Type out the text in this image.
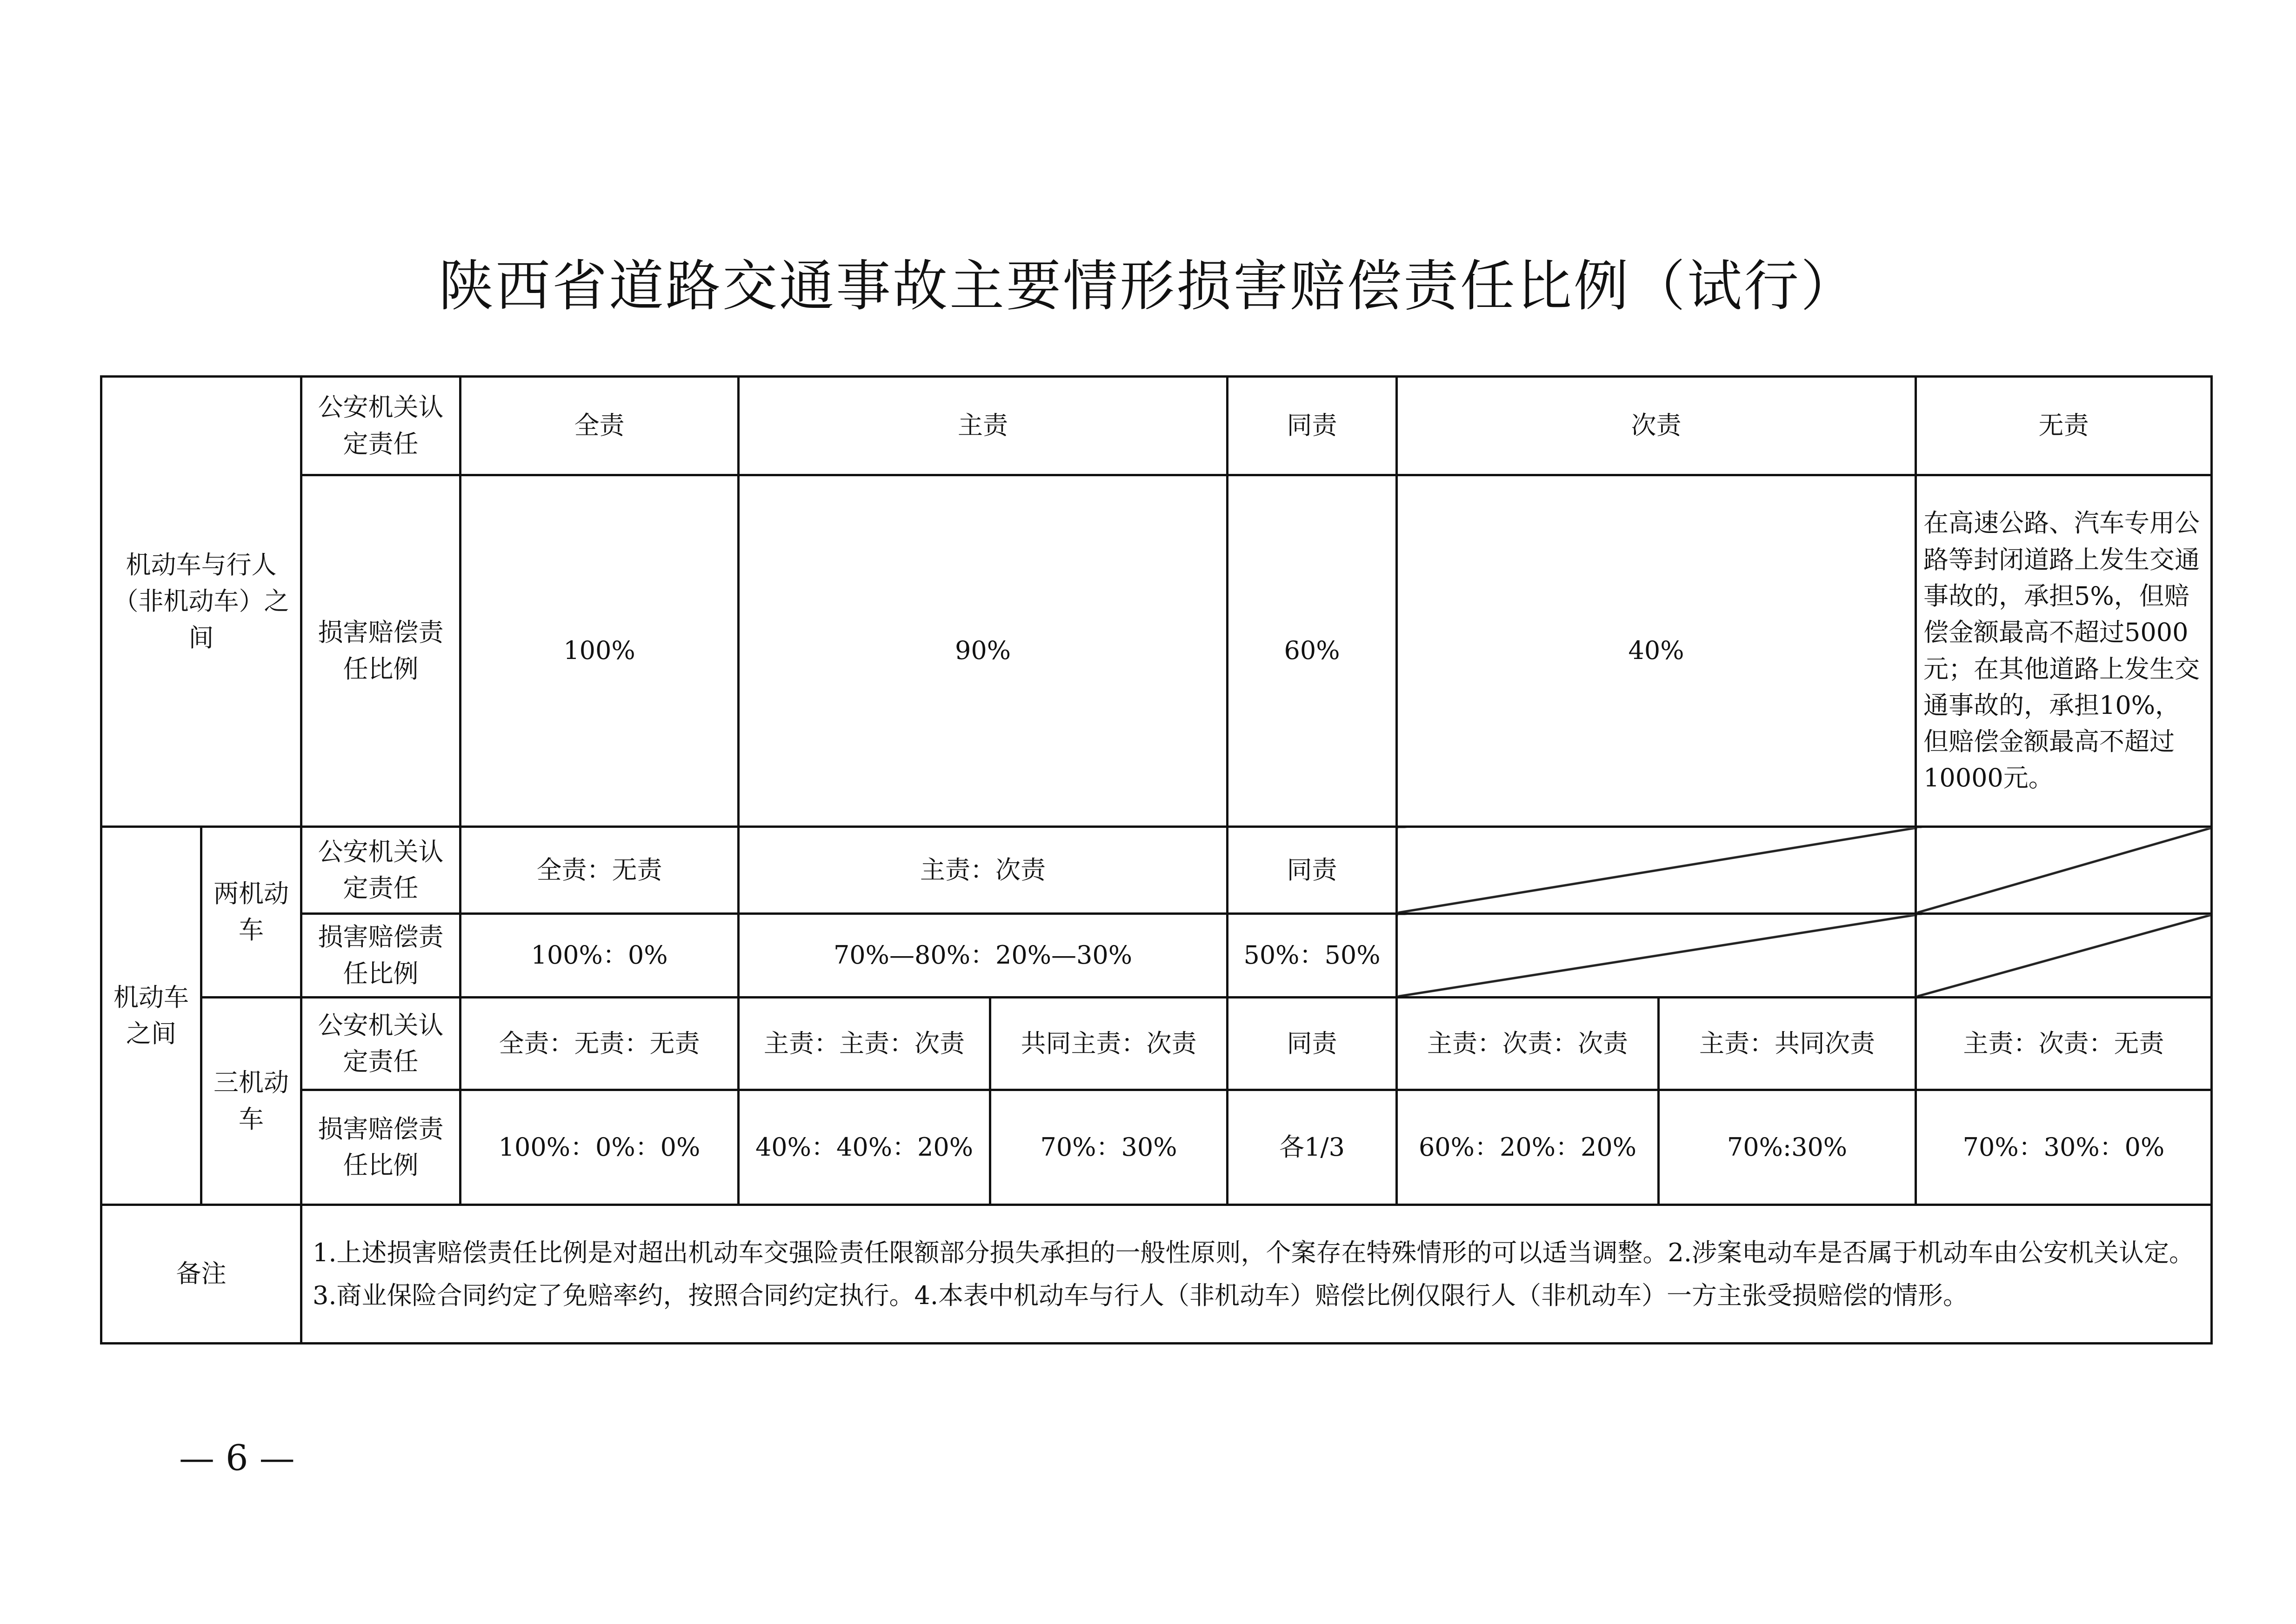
陕西省道路交通事故主要情形损害赔偿责任比例（试行）
机动车与行人（非机动车）之间		公安机关认定责任	全责	主责		同责	次责		无责
		损害赔偿责任比例	100%	90%		60%	40%		在高速公路、汽车专用公路等封闭道路上发生交通事故的，承担5%，但赔偿金额最高不超过5000元；在其他道路上发生交通事故的，承担10%，但赔偿金额最高不超过10000元。
机动车之间	两机动车	公安机关认定责任	全责：无责	主责：次责		同责			
		损害赔偿责任比例	100%：0%	70%—80%：20%—30%		50%：50%			
	三机动车	公安机关认定责任	全责：无责：无责	主责：主责：次责	共同主责：次责	同责	主责：次责：次责	主责：共同次责	主责：次责：无责
		损害赔偿责任比例	100%：0%：0%	40%：40%：20%	70%：30%	各1/3	60%：20%：20%	70%:30%	70%：30%：0%
备注		1.上述损害赔偿责任比例是对超出机动车交强险责任限额部分损失承担的一般性原则，个案存在特殊情形的可以适当调整。2.涉案电动车是否属于机动车由公安机关认定。3.商业保险合同约定了免赔率约，按照合同约定执行。4.本表中机动车与行人（非机动车）赔偿比例仅限行人（非机动车）一方主张受损赔偿的情形。							
— 6 —
